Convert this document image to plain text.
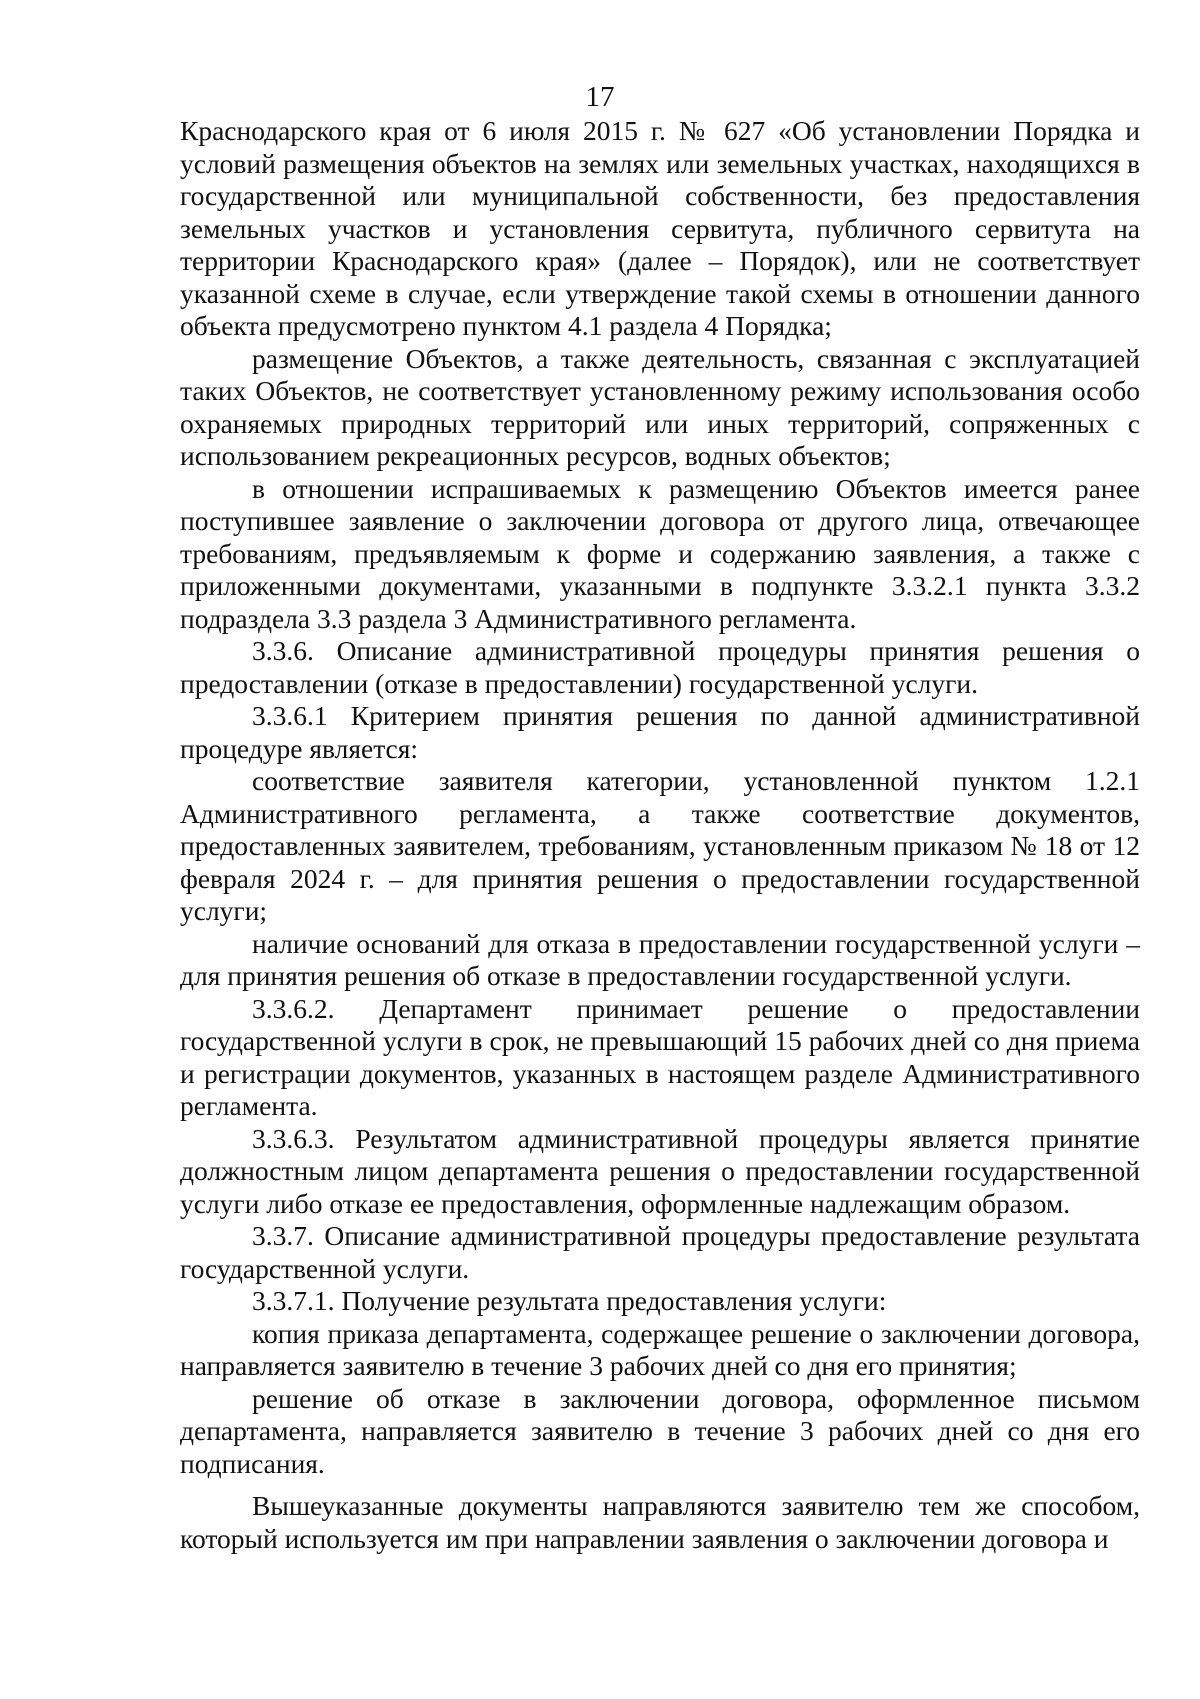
17

Краснодарского края от 6 июля 2015 г. № 627 «Об установлении Порядка и условий размещения объектов на землях или земельных участках, находящихся в государственной или муниципальной собственности, без предоставления земельных участков и установления сервитута, публичного сервитута на территории Краснодарского края» (далее – Порядок), или не соответствует указанной схеме в случае, если утверждение такой схемы в отношении данного объекта предусмотрено пунктом 4.1 раздела 4 Порядка;

размещение Объектов, а также деятельность, связанная с эксплуатацией таких Объектов, не соответствует установленному режиму использования особо охраняемых природных территорий или иных территорий, сопряженных с использованием рекреационных ресурсов, водных объектов;

в отношении испрашиваемых к размещению Объектов имеется ранее поступившее заявление о заключении договора от другого лица, отвечающее требованиям, предъявляемым к форме и содержанию заявления, а также с приложенными документами, указанными в подпункте 3.3.2.1 пункта 3.3.2 подраздела 3.3 раздела 3 Административного регламента.

3.3.6. Описание административной процедуры принятия решения о предоставлении (отказе в предоставлении) государственной услуги.

3.3.6.1 Критерием принятия решения по данной административной процедуре является:

соответствие заявителя категории, установленной пунктом 1.2.1 Административного регламента, а также соответствие документов, предоставленных заявителем, требованиям, установленным приказом № 18 от 12 февраля 2024 г. – для принятия решения о предоставлении государственной услуги;

наличие оснований для отказа в предоставлении государственной услуги – для принятия решения об отказе в предоставлении государственной услуги.

3.3.6.2. Департамент принимает решение о предоставлении государственной услуги в срок, не превышающий 15 рабочих дней со дня приема и регистрации документов, указанных в настоящем разделе Административного регламента.

3.3.6.3. Результатом административной процедуры является принятие должностным лицом департамента решения о предоставлении государственной услуги либо отказе ее предоставления, оформленные надлежащим образом.

3.3.7. Описание административной процедуры предоставление результата государственной услуги.

3.3.7.1. Получение результата предоставления услуги:

копия приказа департамента, содержащее решение о заключении договора, направляется заявителю в течение 3 рабочих дней со дня его принятия;

решение об отказе в заключении договора, оформленное письмом департамента, направляется заявителю в течение 3 рабочих дней со дня его подписания.

Вышеуказанные документы направляются заявителю тем же способом, который используется им при направлении заявления о заключении договора и
